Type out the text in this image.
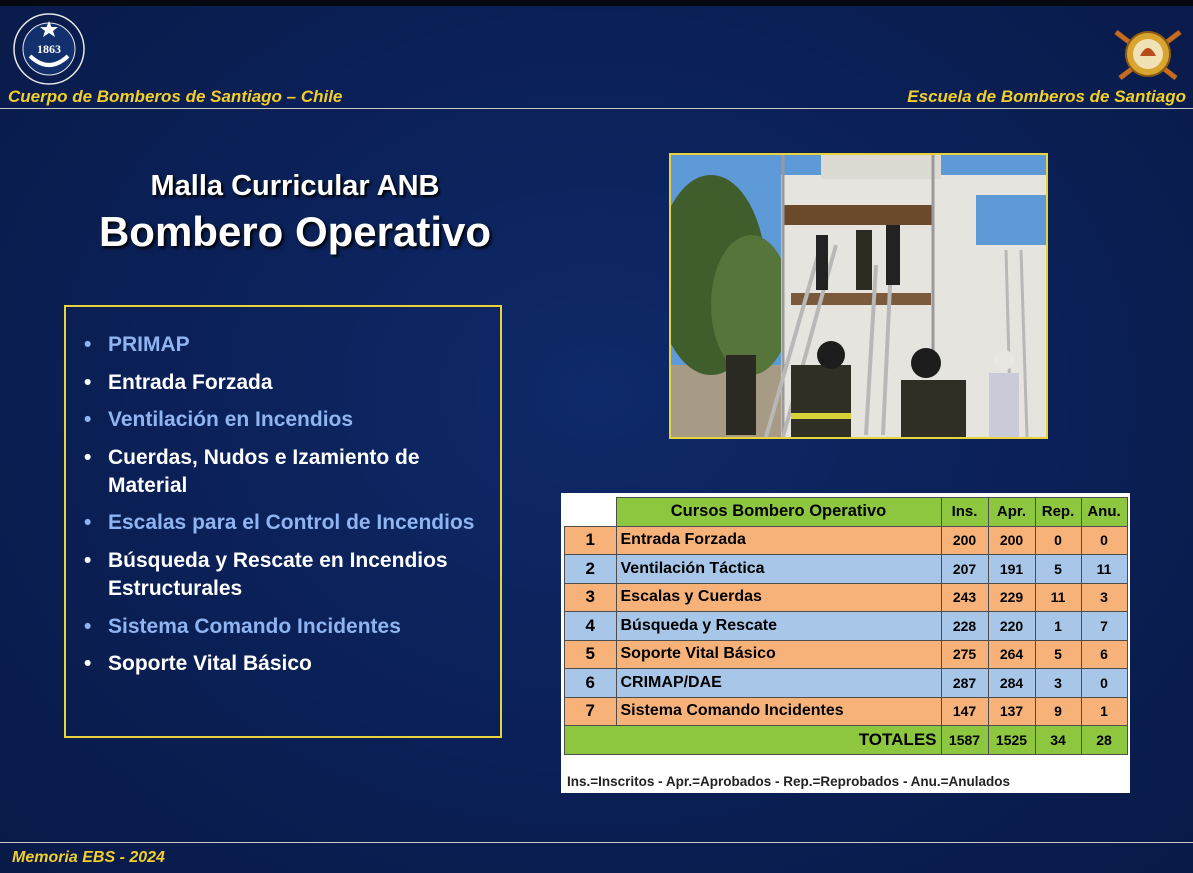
1863
Cuerpo de Bomberos de Santiago – Chile	Escuela de Bomberos de Santiago
Malla Curricular ANB
Bombero Operativo
• PRIMAP
• Entrada Forzada
• Ventilación en Incendios
• Cuerdas, Nudos e Izamiento de Material
• Escalas para el Control de Incendios
• Búsqueda y Rescate en Incendios Estructurales
• Sistema Comando Incidentes
• Soporte Vital Básico
	Cursos Bombero Operativo	Ins.	Apr.	Rep.	Anu.
1	Entrada Forzada	200	200	0	0
2	Ventilación Táctica	207	191	5	11
3	Escalas y Cuerdas	243	229	11	3
4	Búsqueda y Rescate	228	220	1	7
5	Soporte Vital Básico	275	264	5	6
6	CRIMAP/DAE	287	284	3	0
7	Sistema Comando Incidentes	147	137	9	1
TOTALES		1587	1525	34	28
Ins.=Inscritos - Apr.=Aprobados - Rep.=Reprobados - Anu.=Anulados
Memoria EBS - 2024
